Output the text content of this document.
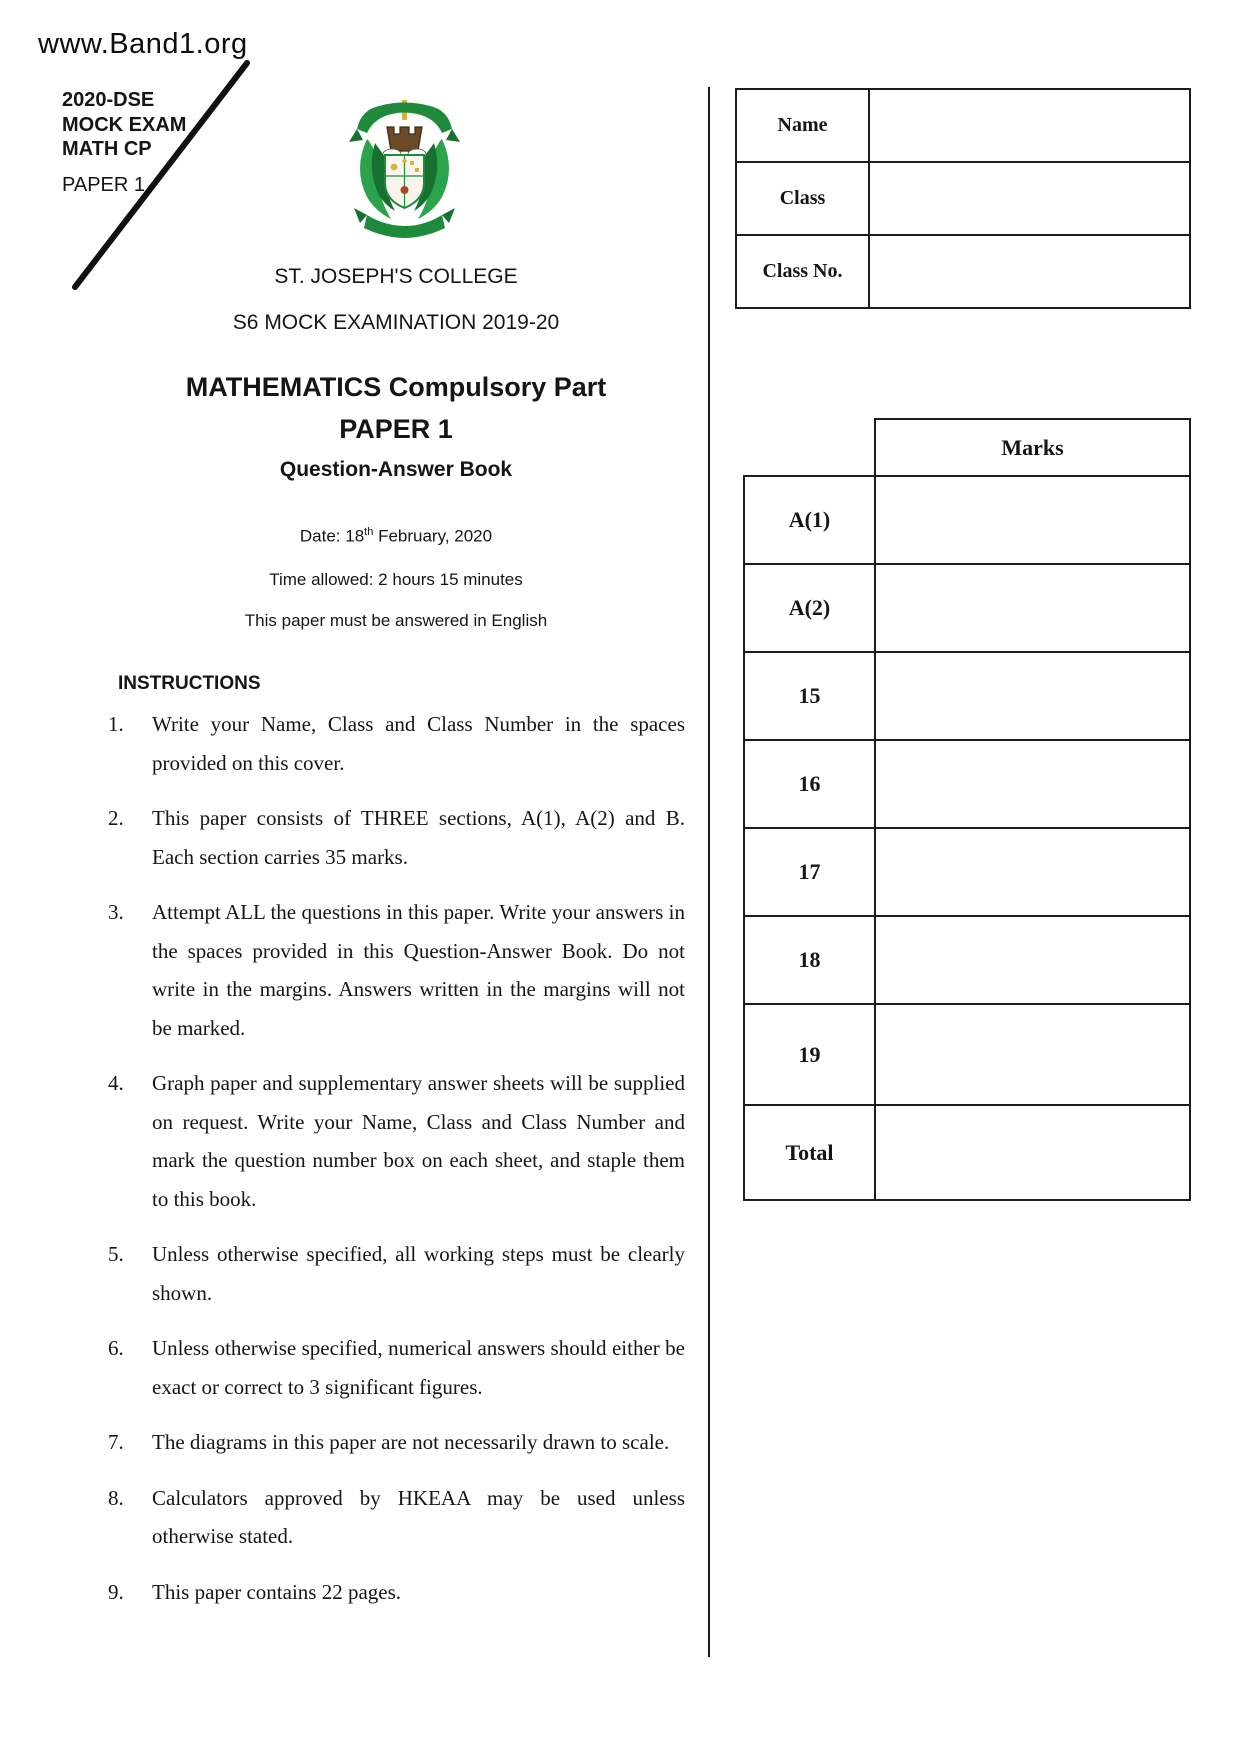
www.Band1.org
2020-DSE
MOCK EXAM
MATH CP
PAPER 1
ST. JOSEPH'S COLLEGE
S6 MOCK EXAMINATION 2019-20
MATHEMATICS Compulsory Part
PAPER 1
Question-Answer Book
Date: 18th February, 2020
Time allowed: 2 hours 15 minutes
This paper must be answered in English
INSTRUCTIONS
1.	Write your Name, Class and Class Number in the spaces provided on this cover.
2.	This paper consists of THREE sections, A(1), A(2) and B. Each section carries 35 marks.
3.	Attempt ALL the questions in this paper. Write your answers in the spaces provided in this Question-Answer Book. Do not write in the margins. Answers written in the margins will not be marked.
4.	Graph paper and supplementary answer sheets will be supplied on request. Write your Name, Class and Class Number and mark the question number box on each sheet, and staple them to this book.
5.	Unless otherwise specified, all working steps must be clearly shown.
6.	Unless otherwise specified, numerical answers should either be exact or correct to 3 significant figures.
7.	The diagrams in this paper are not necessarily drawn to scale.
8.	Calculators approved by HKEAA may be used unless otherwise stated.
9.	This paper contains 22 pages.
Name	
Class	
Class No.	
	Marks
A(1)	
A(2)	
15	
16	
17	
18	
19	
Total	
